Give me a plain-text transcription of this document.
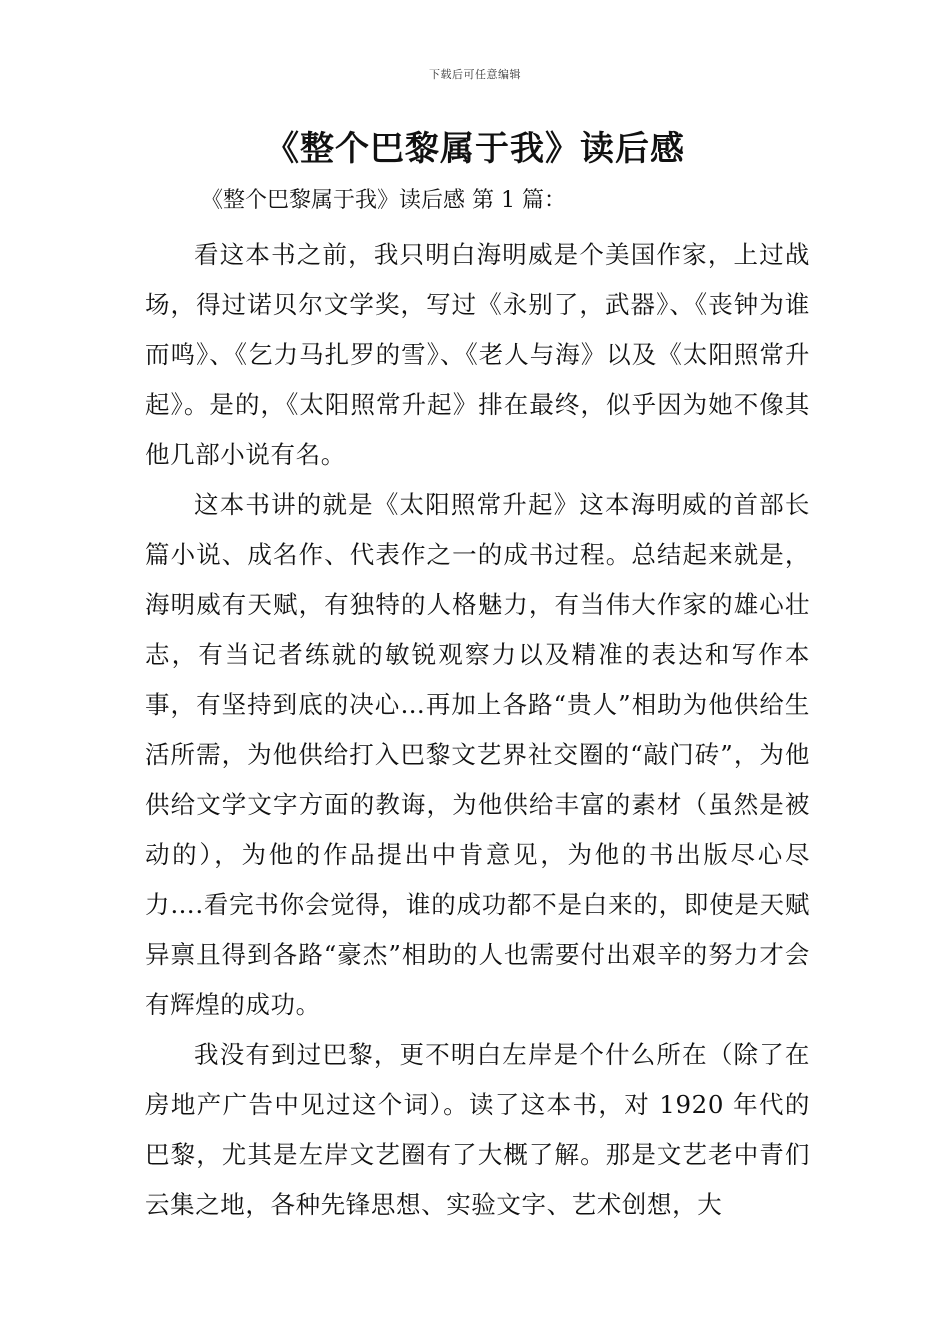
下载后可任意编辑
《整个巴黎属于我》读后感

《整个巴黎属于我》读后感 第 1 篇：

看这本书之前，我只明白海明威是个美国作家，上过战场，得过诺贝尔文学奖，写过《永别了，武器》、《丧钟为谁而鸣》、《乞力马扎罗的雪》、《老人与海》以及《太阳照常升起》。是的，《太阳照常升起》排在最终，似乎因为她不像其他几部小说有名。

这本书讲的就是《太阳照常升起》这本海明威的首部长篇小说、成名作、代表作之一的成书过程。总结起来就是，海明威有天赋，有独特的人格魅力，有当伟大作家的雄心壮志，有当记者练就的敏锐观察力以及精准的表达和写作本事，有坚持到底的决心…再加上各路“贵人”相助为他供给生活所需，为他供给打入巴黎文艺界社交圈的“敲门砖”，为他供给文学文字方面的教诲，为他供给丰富的素材（虽然是被动的），为他的作品提出中肯意见，为他的书出版尽心尽力….看完书你会觉得，谁的成功都不是白来的，即使是天赋异禀且得到各路“豪杰”相助的人也需要付出艰辛的努力才会有辉煌的成功。

我没有到过巴黎，更不明白左岸是个什么所在（除了在房地产广告中见过这个词）。读了这本书，对 1920 年代的巴黎，尤其是左岸文艺圈有了大概了解。那是文艺老中青们云集之地，各种先锋思想、实验文字、艺术创想，大
